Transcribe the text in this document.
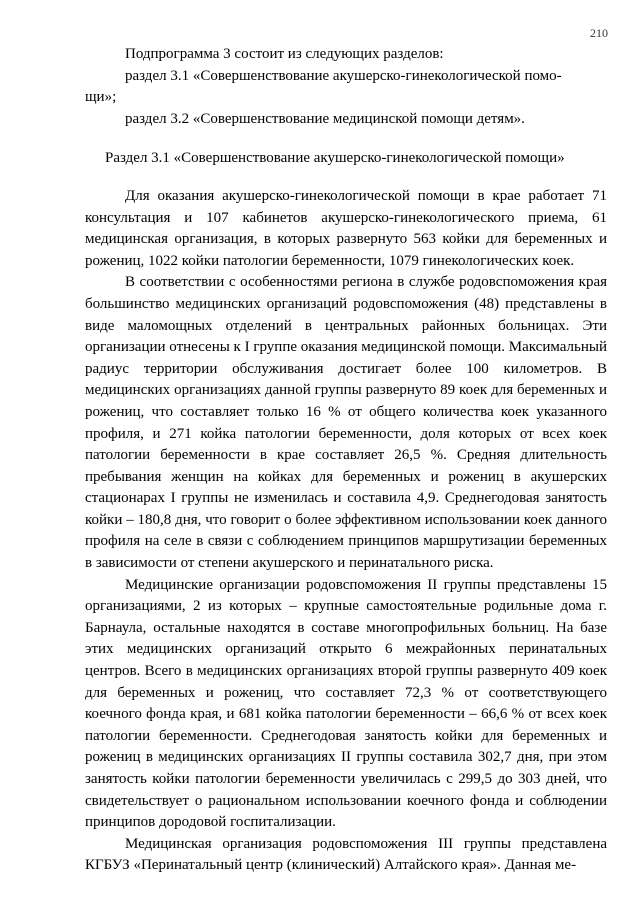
210

Подпрограмма 3 состоит из следующих разделов:

раздел 3.1 «Совершенствование акушерско-гинекологической помо-

щи»;

раздел 3.2 «Совершенствование медицинской помощи детям».

Раздел 3.1 «Совершенствование акушерско-гинекологической помощи»

Для оказания акушерско-гинекологической помощи в крае работает 71 консультация и 107 кабинетов акушерско-гинекологического приема, 61 медицинская организация, в которых развернуто 563 койки для беременных и рожениц, 1022 койки патологии беременности, 1079 гинекологических коек.

В соответствии с особенностями региона в службе родовспоможения края большинство медицинских организаций родовспоможения (48) представлены в виде маломощных отделений в центральных районных больницах. Эти организации отнесены к I группе оказания медицинской помощи. Максимальный радиус территории обслуживания достигает более 100 километров. В медицинских организациях данной группы развернуто 89 коек для беременных и рожениц, что составляет только 16 % от общего количества коек указанного профиля, и 271 койка патологии беременности, доля которых от всех коек патологии беременности в крае составляет 26,5 %. Средняя длительность пребывания женщин на койках для беременных и рожениц в акушерских стационарах I группы не изменилась и составила 4,9. Среднегодовая занятость койки – 180,8 дня, что говорит о более эффективном использовании коек данного профиля на селе в связи с соблюдением принципов маршрутизации беременных в зависимости от степени акушерского и перинатального риска.

Медицинские организации родовспоможения II группы представлены 15 организациями, 2 из которых – крупные самостоятельные родильные дома г. Барнаула, остальные находятся в составе многопрофильных больниц. На базе этих медицинских организаций открыто 6 межрайонных перинатальных центров. Всего в медицинских организациях второй группы развернуто 409 коек для беременных и рожениц, что составляет 72,3 % от соответствующего коечного фонда края, и 681 койка патологии беременности – 66,6 % от всех коек патологии беременности. Среднегодовая занятость койки для беременных и рожениц в медицинских организациях II группы составила 302,7 дня, при этом занятость койки патологии беременности увеличилась с 299,5 до 303 дней, что свидетельствует о рациональном использовании коечного фонда и соблюдении принципов дородовой госпитализации.

Медицинская организация родовспоможения III группы представлена КГБУЗ «Перинатальный центр (клинический) Алтайского края». Данная ме-
